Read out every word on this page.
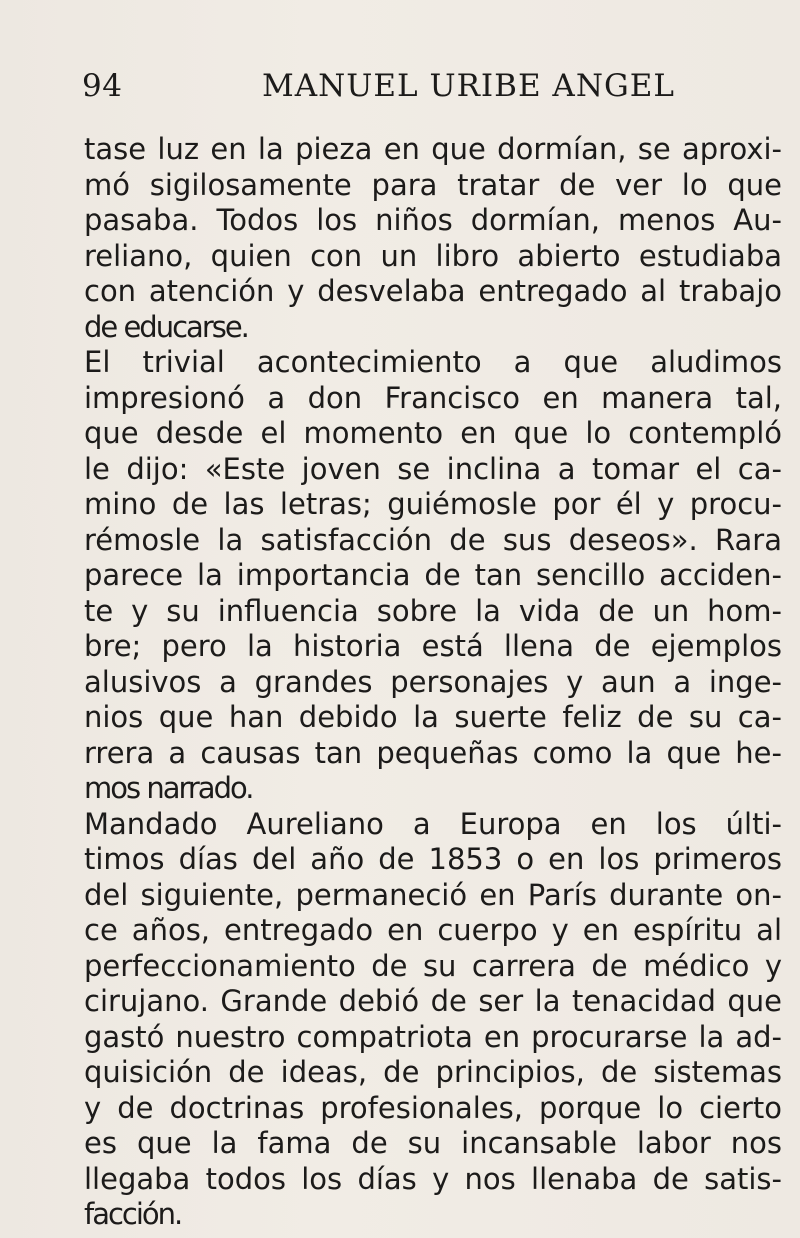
94	MANUEL URIBE ANGEL
tase luz en la pieza en que dormían, se aproxi-
mó sigilosamente para tratar de ver lo que
pasaba. Todos los niños dormían, menos Au-
reliano, quien con un libro abierto estudiaba
con atención y desvelaba entregado al trabajo
de educarse.
El trivial acontecimiento a que aludimos
impresionó a don Francisco en manera tal,
que desde el momento en que lo contempló
le dijo: «Este joven se inclina a tomar el ca-
mino de las letras; guiémosle por él y procu-
rémosle la satisfacción de sus deseos». Rara
parece la importancia de tan sencillo acciden-
te y su influencia sobre la vida de un hom-
bre; pero la historia está llena de ejemplos
alusivos a grandes personajes y aun a inge-
nios que han debido la suerte feliz de su ca-
rrera a causas tan pequeñas como la que he-
mos narrado.
Mandado Aureliano a Europa en los últi-
timos días del año de 1853 o en los primeros
del siguiente, permaneció en París durante on-
ce años, entregado en cuerpo y en espíritu al
perfeccionamiento de su carrera de médico y
cirujano. Grande debió de ser la tenacidad que
gastó nuestro compatriota en procurarse la ad-
quisición de ideas, de principios, de sistemas
y de doctrinas profesionales, porque lo cierto
es que la fama de su incansable labor nos
llegaba todos los días y nos llenaba de satis-
facción.
